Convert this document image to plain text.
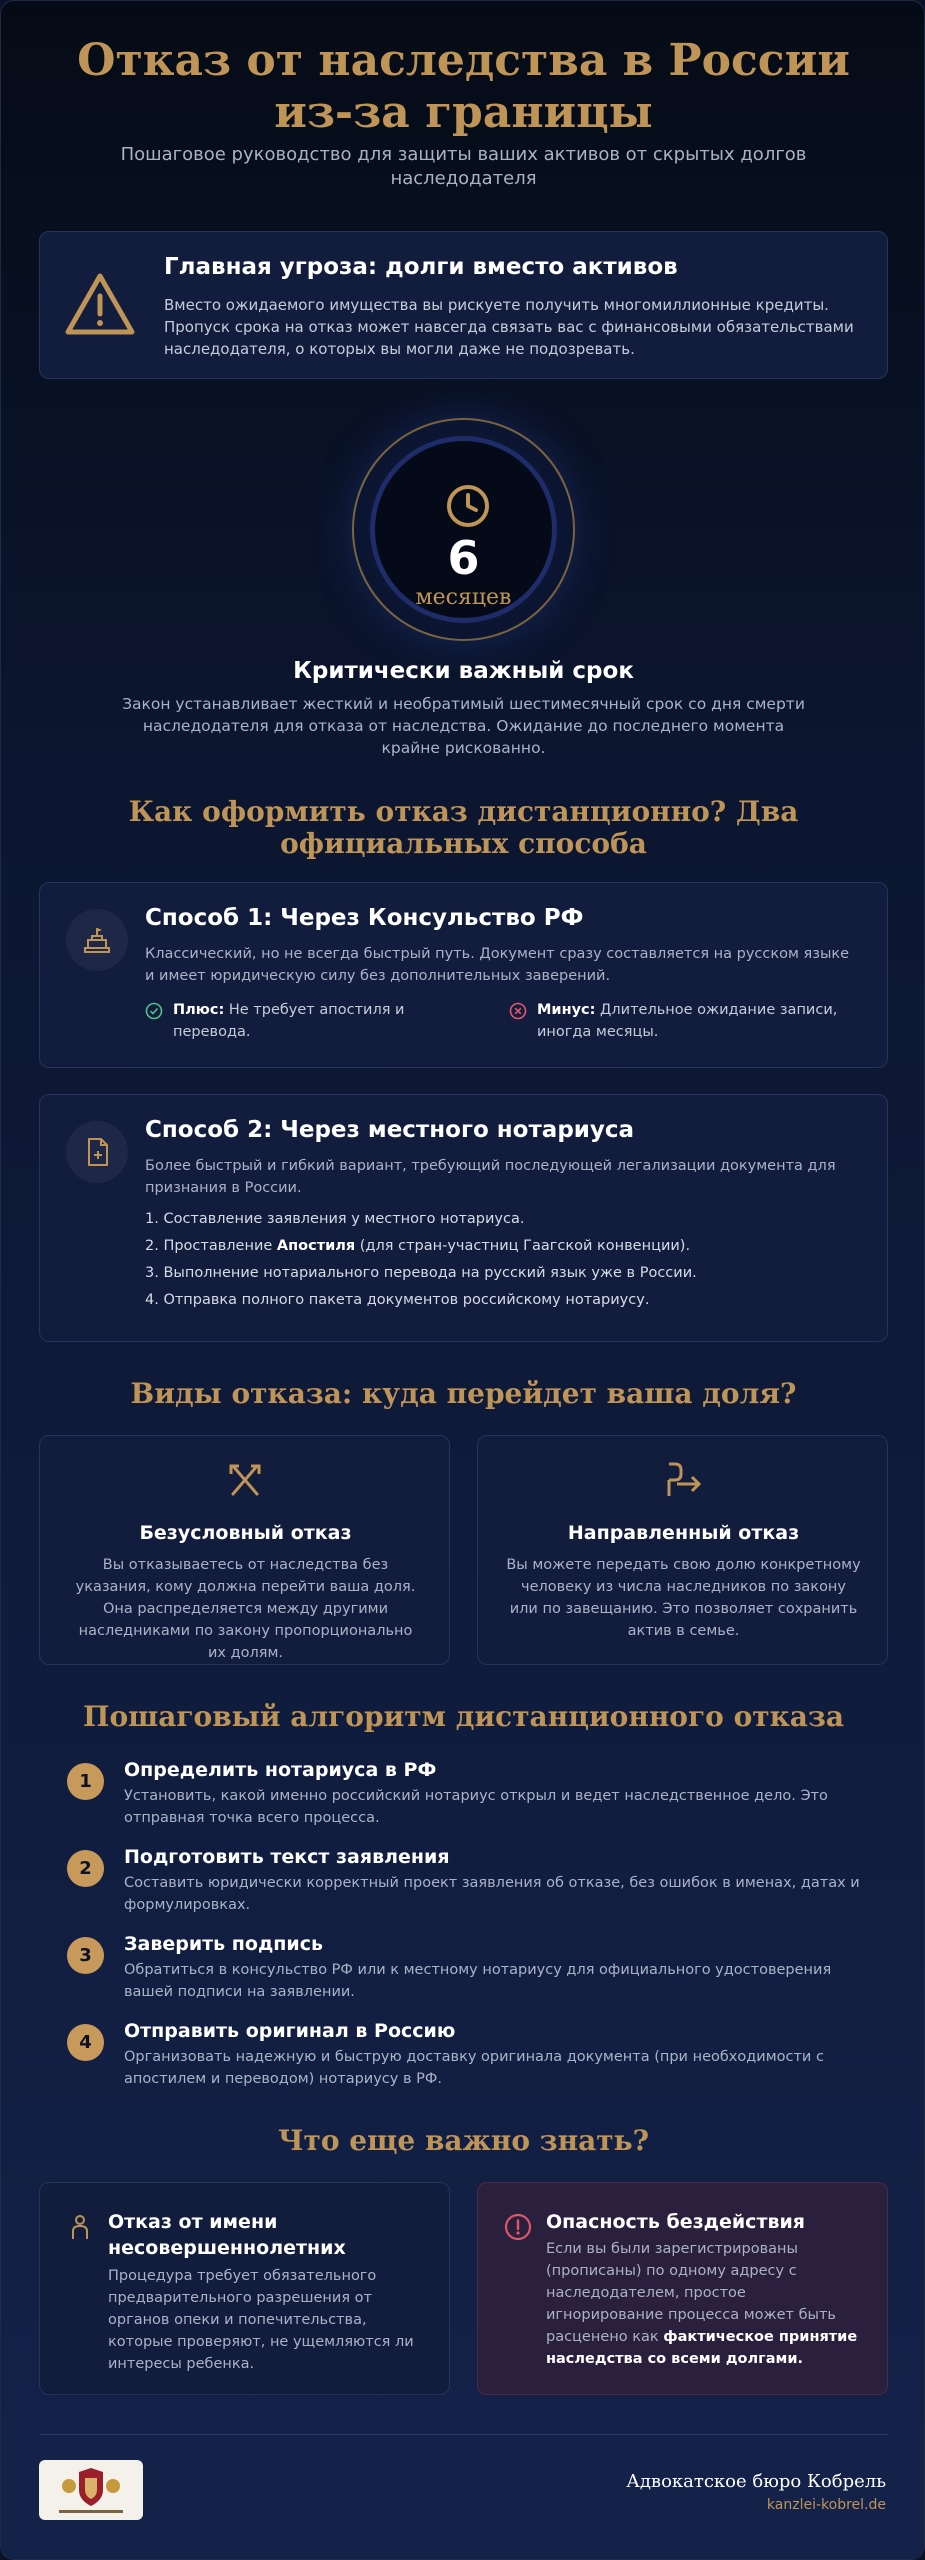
Отказ от наследства в России из-за границы

Пошаговое руководство для защиты ваших активов от скрытых долгов наследодателя

Главная угроза: долги вместо активов

Вместо ожидаемого имущества вы рискуете получить многомиллионные кредиты. Пропуск срока на отказ может навсегда связать вас с финансовыми обязательствами наследодателя, о которых вы могли даже не подозревать.

6
месяцев
Критически важный срок

Закон устанавливает жесткий и необратимый шестимесячный срок со дня смерти наследодателя для отказа от наследства. Ожидание до последнего момента крайне рискованно.

Как оформить отказ дистанционно? Два официальных способа
Способ 1: Через Консульство РФ

Классический, но не всегда быстрый путь. Документ сразу составляется на русском языке и имеет юридическую силу без дополнительных заверений.

Плюс: Не требует апостиля и перевода.
Минус: Длительное ожидание записи, иногда месяцы.
Способ 2: Через местного нотариуса

Более быстрый и гибкий вариант, требующий последующей легализации документа для признания в России.

1. Составление заявления у местного нотариуса.
2. Проставление Апостиля (для стран-участниц Гаагской конвенции).
3. Выполнение нотариального перевода на русский язык уже в России.
4. Отправка полного пакета документов российскому нотариусу.
Виды отказа: куда перейдет ваша доля?
Безусловный отказ

Вы отказываетесь от наследства без указания, кому должна перейти ваша доля. Она распределяется между другими наследниками по закону пропорционально их долям.

Направленный отказ

Вы можете передать свою долю конкретному человеку из числа наследников по закону или по завещанию. Это позволяет сохранить актив в семье.

Пошаговый алгоритм дистанционного отказа
1
Определить нотариуса в РФ

Установить, какой именно российский нотариус открыл и ведет наследственное дело. Это отправная точка всего процесса.

2
Подготовить текст заявления

Составить юридически корректный проект заявления об отказе, без ошибок в именах, датах и формулировках.

3
Заверить подпись

Обратиться в консульство РФ или к местному нотариусу для официального удостоверения вашей подписи на заявлении.

4
Отправить оригинал в Россию

Организовать надежную и быструю доставку оригинала документа (при необходимости с апостилем и переводом) нотариусу в РФ.

Что еще важно знать?
Отказ от имени несовершеннолетних

Процедура требует обязательного предварительного разрешения от органов опеки и попечительства, которые проверяют, не ущемляются ли интересы ребенка.

Опасность бездействия

Если вы были зарегистрированы (прописаны) по одному адресу с наследодателем, простое игнорирование процесса может быть расценено как фактическое принятие наследства со всеми долгами.

Адвокатское бюро Кобрель
kanzlei-kobrel.de
